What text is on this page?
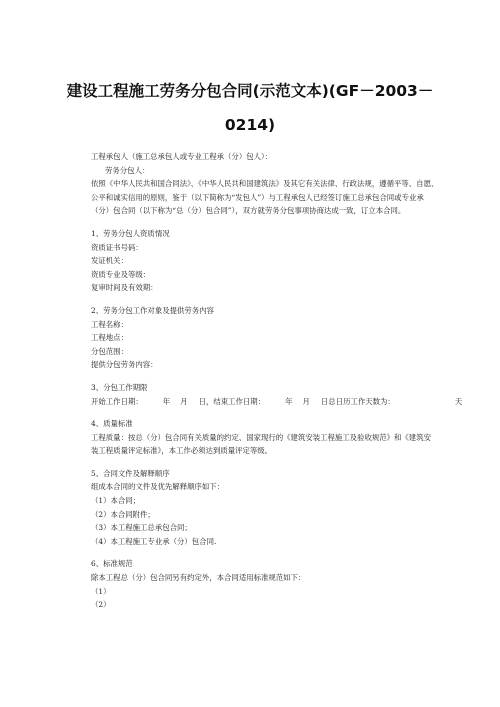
建设工程施工劳务分包合同(示范文本)(GF－2003－
0214)
工程承包人（施工总承包人或专业工程承（分）包人）：
劳务分包人：
依照《中华人民共和国合同法》、《中华人民共和国建筑法》及其它有关法律、行政法规，遵循平等、自愿、
公平和诚实信用的原则，鉴于（以下简称为“发包人”）与工程承包人已经签订施工总承包合同或专业承
（分）包合同（以下称为“总（分）包合同”），双方就劳务分包事项协商达成一致，订立本合同。
1、劳务分包人资质情况
资质证书号码：
发证机关：
资质专业及等级：
复审时间及有效期：
2、劳务分包工作对象及提供劳务内容
工程名称：
工程地点：
分包范围：
提供分包劳务内容：
3、分包工作期限
开始工作日期：	年 月 日，结束工作日期：	年 月 日总日历工作天数为：	天
4、质量标准
工程质量：按总（分）包合同有关质量的约定、国家现行的《建筑安装工程施工及验收规范》和《建筑安
装工程质量评定标准》，本工作必须达到质量评定等级。
5、合同文件及解释顺序
组成本合同的文件及优先解释顺序如下：
（1）本合同；
（2）本合同附件；
（3）本工程施工总承包合同；
（4）本工程施工专业承（分）包合同.
6、标准规范
除本工程总（分）包合同另有约定外，本合同适用标准规范如下：
（1）
（2）
